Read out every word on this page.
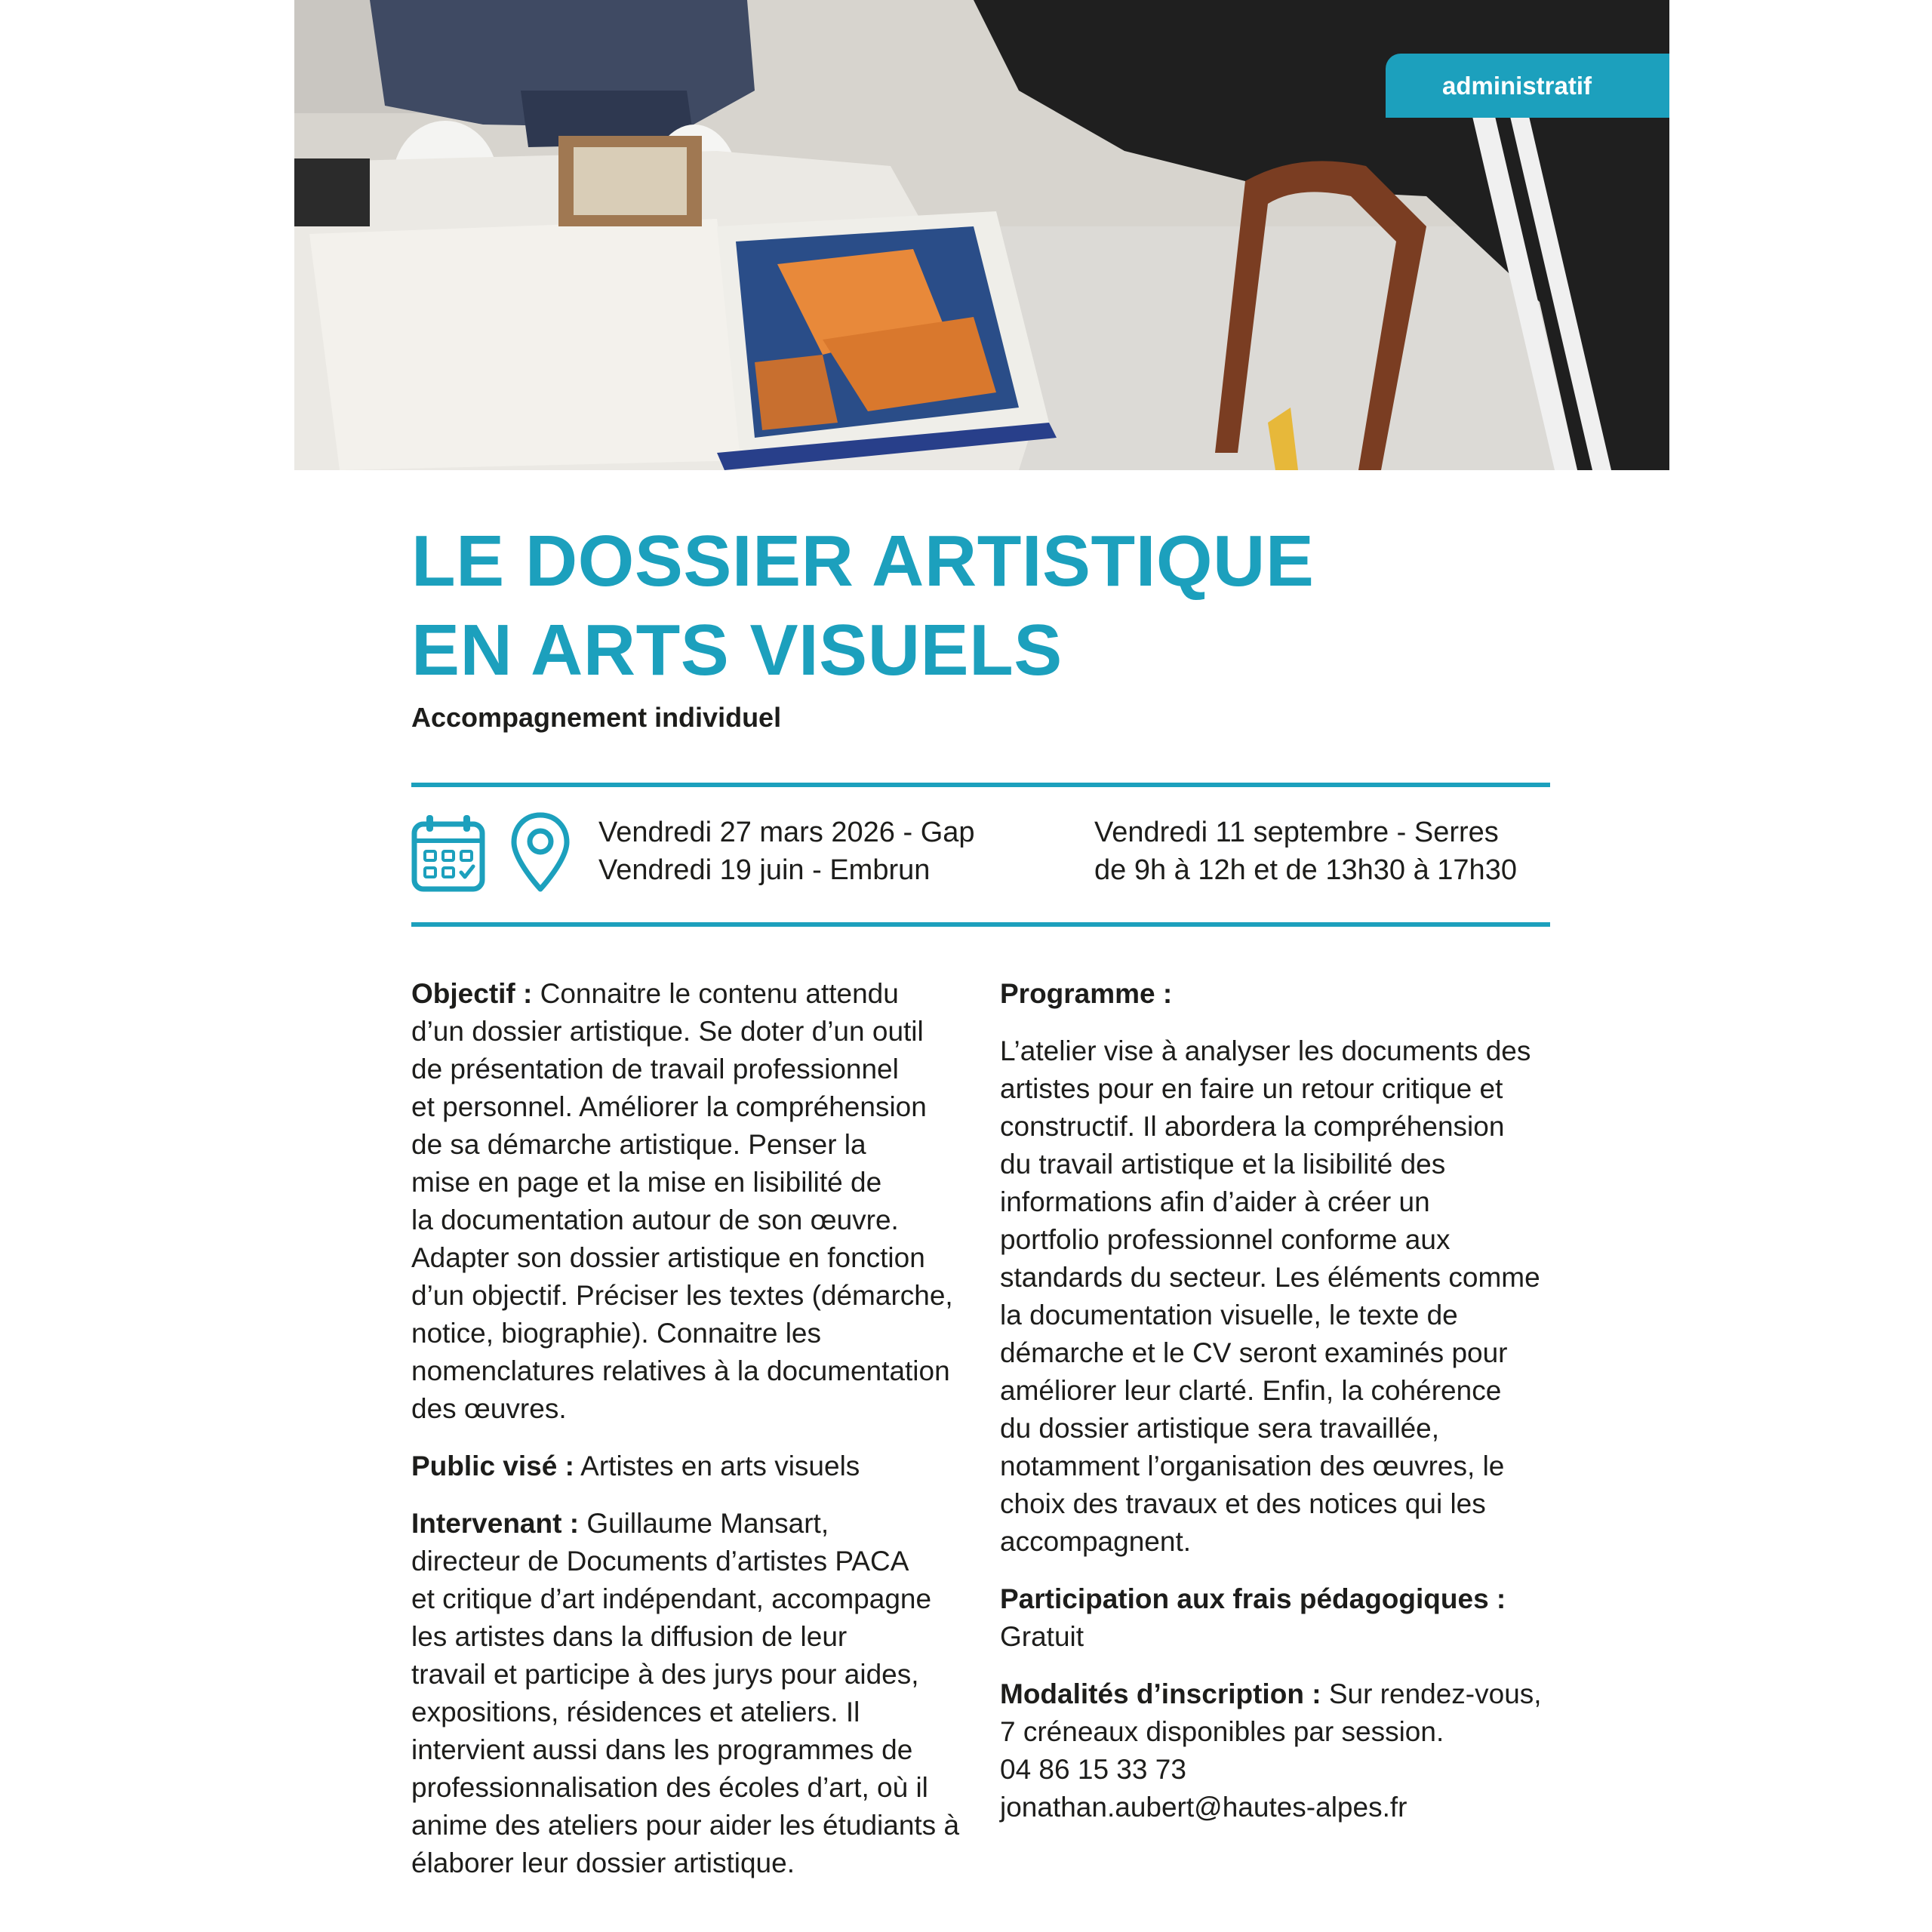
administratif
LE DOSSIER ARTISTIQUE
EN ARTS VISUELS

Accompagnement individuel

Vendredi 27 mars 2026 - Gap
Vendredi 19 juin - Embrun
Vendredi 11 septembre - Serres
de 9h à 12h et de 13h30 à 17h30

Objectif : Connaitre le contenu attendu
d’un dossier artistique. Se doter d’un outil
de présentation de travail professionnel
et personnel. Améliorer la compréhension
de sa démarche artistique. Penser la
mise en page et la mise en lisibilité de
la documentation autour de son œuvre.
Adapter son dossier artistique en fonction
d’un objectif. Préciser les textes (démarche,
notice, biographie). Connaitre les
nomenclatures relatives à la documentation
des œuvres.

Public visé : Artistes en arts visuels

Intervenant : Guillaume Mansart,
directeur de Documents d’artistes PACA
et critique d’art indépendant, accompagne
les artistes dans la diffusion de leur
travail et participe à des jurys pour aides,
expositions, résidences et ateliers. Il
intervient aussi dans les programmes de
professionnalisation des écoles d’art, où il
anime des ateliers pour aider les étudiants à
élaborer leur dossier artistique.

Programme :

L’atelier vise à analyser les documents des
artistes pour en faire un retour critique et
constructif. Il abordera la compréhension
du travail artistique et la lisibilité des
informations afin d’aider à créer un
portfolio professionnel conforme aux
standards du secteur. Les éléments comme
la documentation visuelle, le texte de
démarche et le CV seront examinés pour
améliorer leur clarté. Enfin, la cohérence
du dossier artistique sera travaillée,
notamment l’organisation des œuvres, le
choix des travaux et des notices qui les
accompagnent.

Participation aux frais pédagogiques :
Gratuit

Modalités d’inscription : Sur rendez-vous,
7 créneaux disponibles par session.
04 86 15 33 73
jonathan.aubert@hautes-alpes.fr
